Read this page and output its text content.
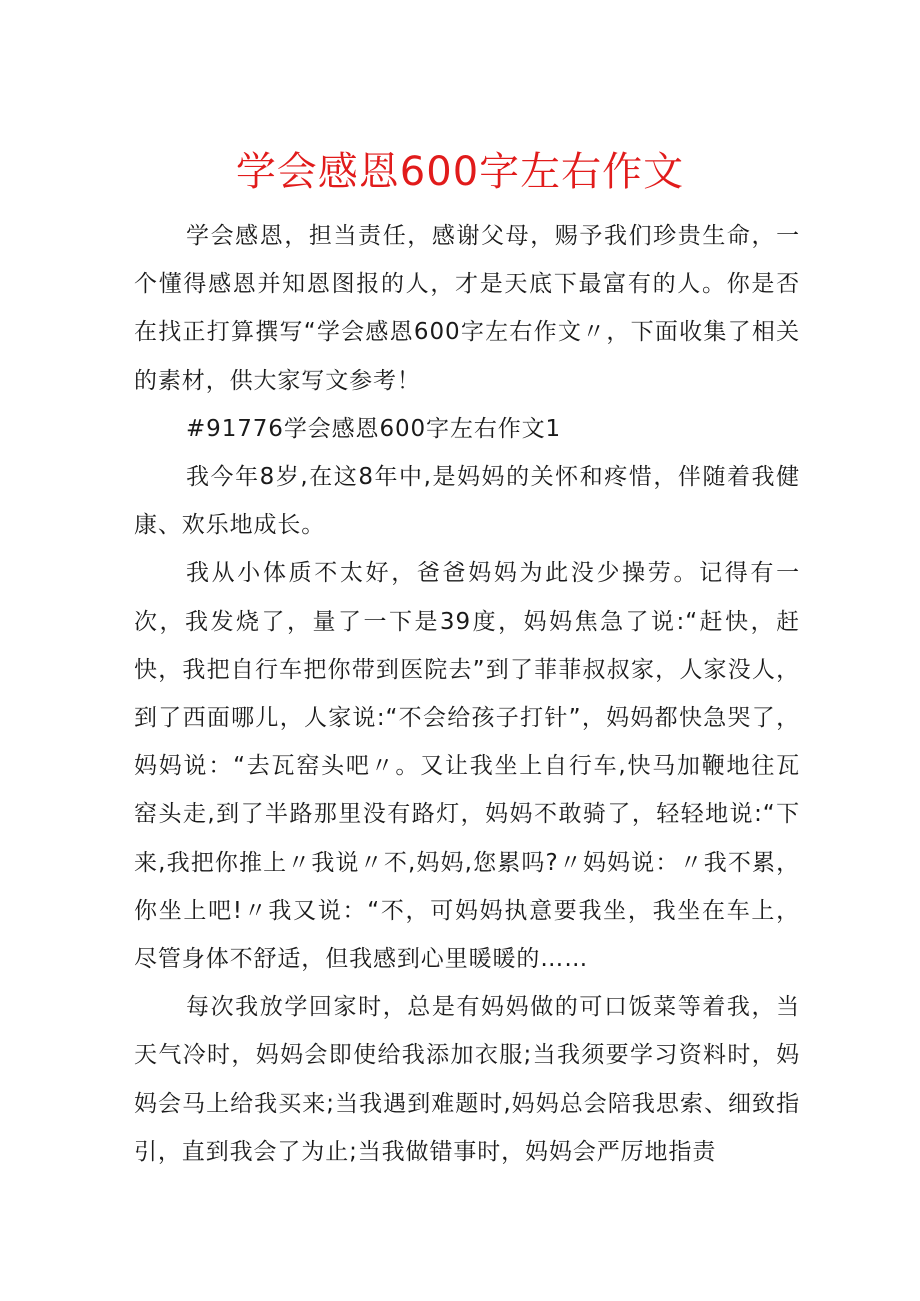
学会感恩600字左右作文

学会感恩，担当责任，感谢父母，赐予我们珍贵生命，一个懂得感恩并知恩图报的人，才是天底下最富有的人。你是否在找正打算撰写“学会感恩600字左右作文〃，下面收集了相关的素材，供大家写文参考！

#91776学会感恩600字左右作文1

我今年8岁,在这8年中,是妈妈的关怀和疼惜，伴随着我健康、欢乐地成长。

我从小体质不太好，爸爸妈妈为此没少操劳。记得有一次，我发烧了，量了一下是39度，妈妈焦急了说:“赶快，赶快，我把自行车把你带到医院去”到了菲菲叔叔家，人家没人，到了西面哪儿，人家说:“不会给孩子打针”，妈妈都快急哭了，妈妈说：“去瓦窑头吧〃。又让我坐上自行车,快马加鞭地往瓦窑头走,到了半路那里没有路灯，妈妈不敢骑了，轻轻地说:“下来,我把你推上〃我说〃不,妈妈,您累吗?〃妈妈说：〃我不累，你坐上吧!〃我又说：“不，可妈妈执意要我坐，我坐在车上，尽管身体不舒适，但我感到心里暖暖的……

每次我放学回家时，总是有妈妈做的可口饭菜等着我，当天气冷时，妈妈会即使给我添加衣服;当我须要学习资料时，妈妈会马上给我买来;当我遇到难题时,妈妈总会陪我思索、细致指引，直到我会了为止;当我做错事时，妈妈会严厉地指责
